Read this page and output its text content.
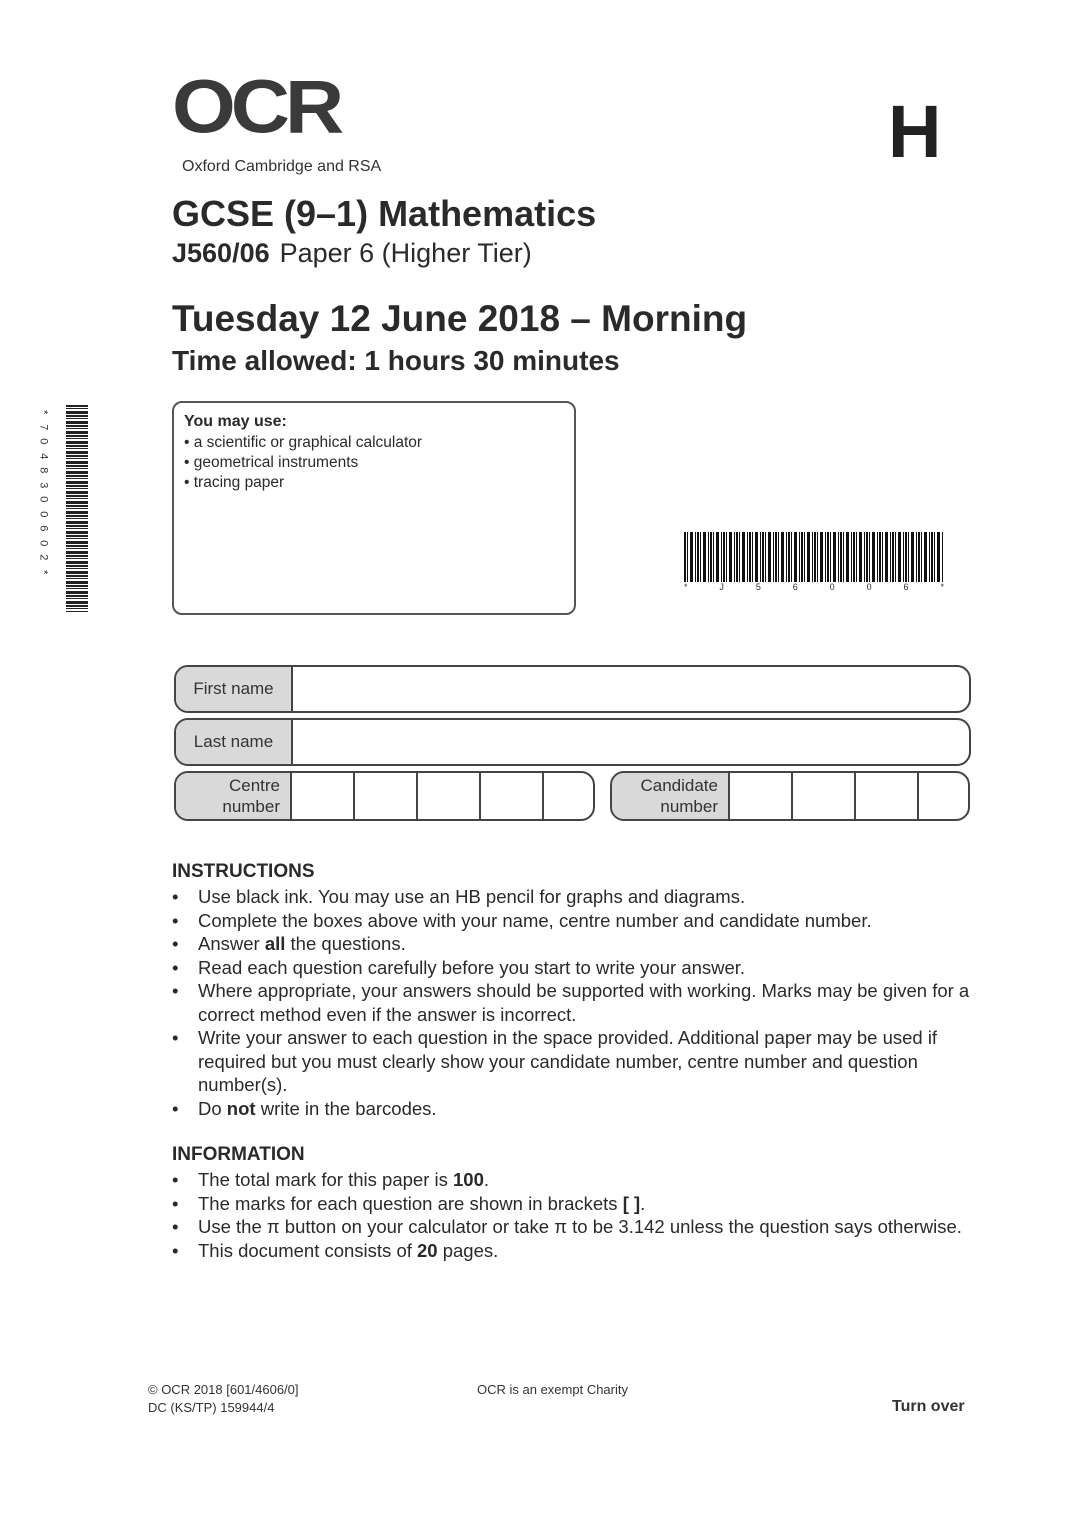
OCR
Oxford Cambridge and RSA	H
GCSE (9–1) Mathematics
J560/06 Paper 6 (Higher Tier)
Tuesday 12 June 2018 – Morning
Time allowed: 1 hours 30 minutes
*
7
0
4
8
3
0
0
6
0
2
*
You may use:
• a scientific or graphical calculator
• geometrical instruments
• tracing paper
*	J	5	6	0	0	6	*
First name
Last name
Centre
number
Candidate
number
INSTRUCTIONS
• Use black ink. You may use an HB pencil for graphs and diagrams.
• Complete the boxes above with your name, centre number and candidate number.
• Answer all the questions.
• Read each question carefully before you start to write your answer.
• Where appropriate, your answers should be supported with working. Marks may be given for a correct method even if the answer is incorrect.
• Write your answer to each question in the space provided. Additional paper may be used if required but you must clearly show your candidate number, centre number and question number(s).
• Do not write in the barcodes.
INFORMATION
• The total mark for this paper is 100.
• The marks for each question are shown in brackets [ ].
• Use the π button on your calculator or take π to be 3.142 unless the question says otherwise.
• This document consists of 20 pages.
© OCR 2018 [601/4606/0]
DC (KS/TP) 159944/4
OCR is an exempt Charity
Turn over
